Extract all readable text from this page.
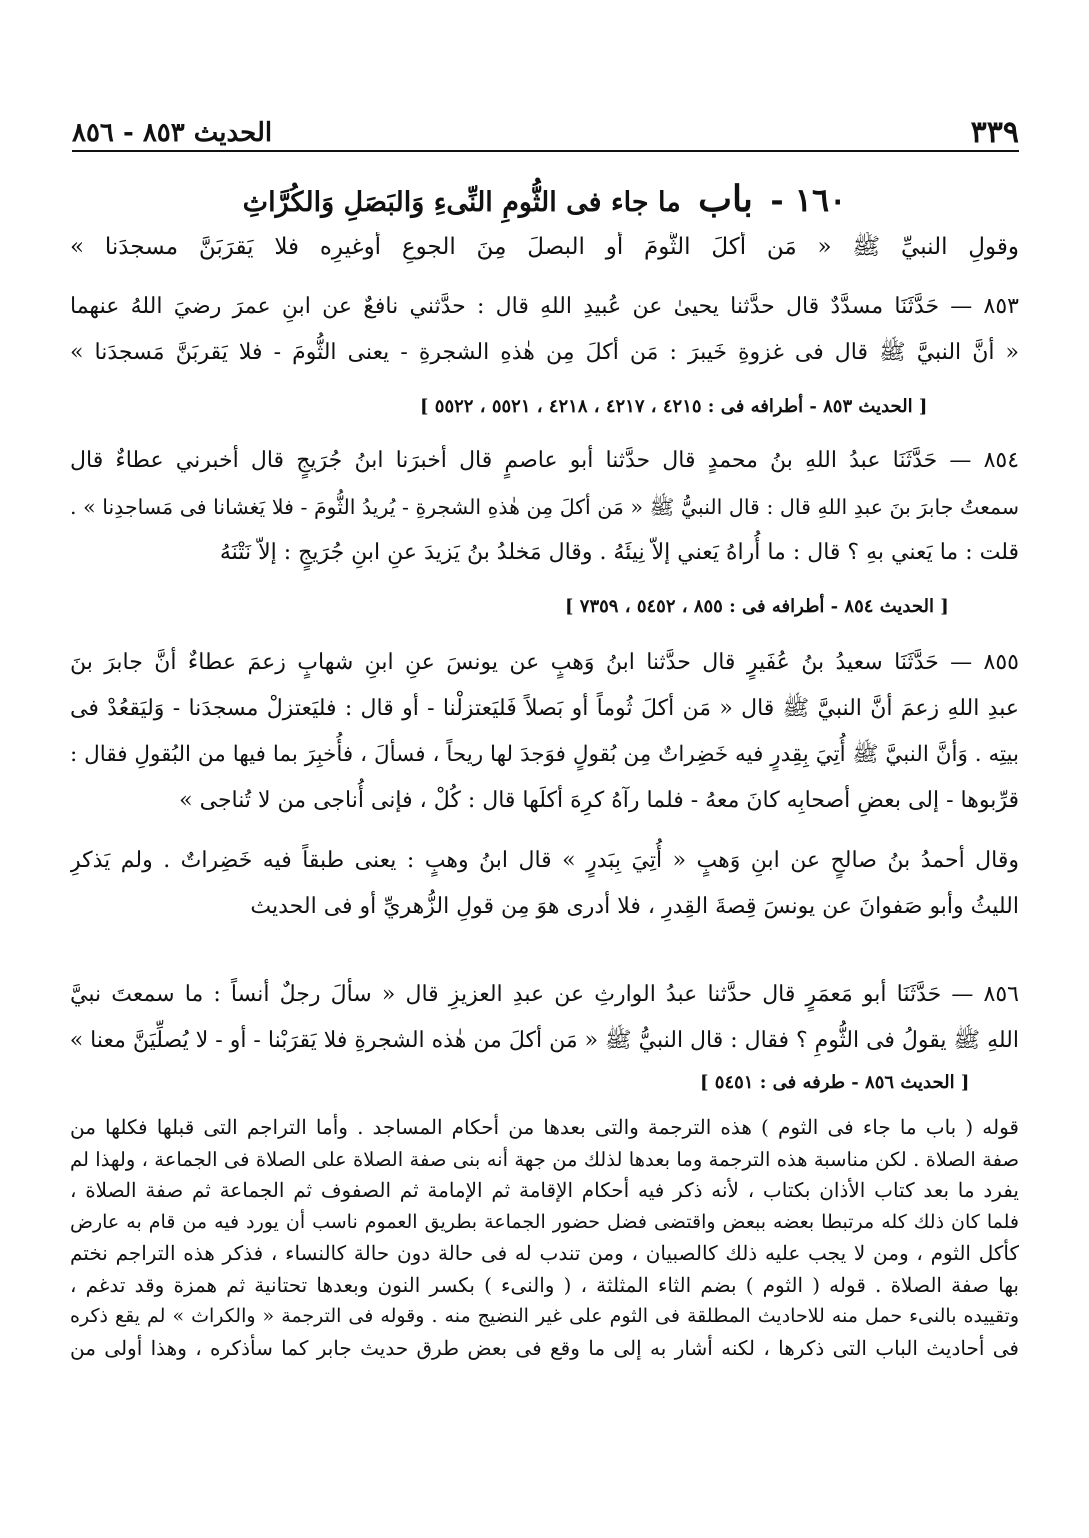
٣٣٩
الحديث ٨٥٣ - ٨٥٦
١٦٠ - باب ما جاء فى الثُّومِ النِّىءِ وَالبَصَلِ وَالكُرَّاثِ
وقولِ النبيِّ ﷺ « مَن أكلَ الثُّومَ أو البصلَ مِنَ الجوعِ أوغيرِه فلا يَقرَبَنَّ مسجدَنا »
٨٥٣ — حَدَّثَنَا مسدَّدٌ قال حدَّثنا يحيىٰ عن عُبيدِ اللهِ قال : حدَّثني نافعٌ عن ابنِ عمرَ رضيَ اللهُ عنهما
« أنَّ النبيَّ ﷺ قال فى غزوةِ خَيبرَ : مَن أكلَ مِن هٰذهِ الشجرةِ - يعنى الثُّومَ - فلا يَقربَنَّ مَسجدَنا »
[ الحديث ٨٥٣ - أطرافه فى : ٤٢١٥ ، ٤٢١٧ ، ٤٢١٨ ، ٥٥٢١ ، ٥٥٢٢ ]
٨٥٤ — حَدَّثَنَا عبدُ اللهِ بنُ محمدٍ قال حدَّثنا أبو عاصمٍ قال أخبرَنا ابنُ جُرَيجٍ قال أخبرني عطاءٌ قال
سمعتُ جابرَ بنَ عبدِ اللهِ قال : قال النبيُّ ﷺ « مَن أكلَ مِن هٰذهِ الشجرةِ - يُريدُ الثُّومَ - فلا يَغشانا فى مَساجدِنا » .
قلت : ما يَعني بهِ ؟ قال : ما أُراهُ يَعني إلاّ نِيئَهُ . وقال مَخلدُ بنُ يَزيدَ عنِ ابنِ جُرَيجٍ : إلاّ نَتْنَهُ
[ الحديث ٨٥٤ - أطرافه فى : ٨٥٥ ، ٥٤٥٢ ، ٧٣٥٩ ]
٨٥٥ — حَدَّثَنَا سعيدُ بنُ عُفَيرٍ قال حدَّثنا ابنُ وَهبٍ عن يونسَ عنِ ابنِ شهابٍ زعمَ عطاءٌ أنَّ جابرَ بنَ
عبدِ اللهِ زعمَ أنَّ النبيَّ ﷺ قال « مَن أكلَ ثُوماً أو بَصلاً فَليَعتزلْنا - أو قال : فليَعتزلْ مسجدَنا - وَليَقعُدْ فى
بيتِه . وَأنَّ النبيَّ ﷺ أُتِيَ بِقِدرٍ فيه خَضِراتٌ مِن بُقولٍ فوَجدَ لها ريحاً ، فسألَ ، فأُخبِرَ بما فيها من البُقولِ فقال :
قرِّبوها - إلى بعضِ أصحابِه كانَ معهُ - فلما رآهُ كرِهَ أكلَها قال : كُلْ ، فإنى أُناجى من لا تُناجى »
وقال أحمدُ بنُ صالحٍ عن ابنِ وَهبٍ « أُتِيَ بِبَدرٍ » قال ابنُ وهبٍ : يعنى طبقاً فيه خَضِراتٌ . ولم يَذكرِ
الليثُ وأبو صَفوانَ عن يونسَ قِصةَ القِدرِ ، فلا أدرى هوَ مِن قولِ الزُّهريِّ أو فى الحديث
٨٥٦ — حَدَّثَنَا أبو مَعمَرٍ قال حدَّثنا عبدُ الوارثِ عن عبدِ العزيزِ قال « سألَ رجلٌ أنساً : ما سمعتَ نبيَّ
اللهِ ﷺ يقولُ فى الثُّومِ ؟ فقال : قال النبيُّ ﷺ « مَن أكلَ من هٰذه الشجرةِ فلا يَقرَبْنا - أو - لا يُصلِّيَنَّ معنا »
[ الحديث ٨٥٦ - طرفه فى : ٥٤٥١ ]
قوله ( باب ما جاء فى الثوم ) هذه الترجمة والتى بعدها من أحكام المساجد . وأما التراجم التى قبلها فكلها من
صفة الصلاة . لكن مناسبة هذه الترجمة وما بعدها لذلك من جهة أنه بنى صفة الصلاة على الصلاة فى الجماعة ، ولهذا لم
يفرد ما بعد كتاب الأذان بكتاب ، لأنه ذكر فيه أحكام الإقامة ثم الإمامة ثم الصفوف ثم الجماعة ثم صفة الصلاة ،
فلما كان ذلك كله مرتبطا بعضه ببعض واقتضى فضل حضور الجماعة بطريق العموم ناسب أن يورد فيه من قام به عارض
كأكل الثوم ، ومن لا يجب عليه ذلك كالصبيان ، ومن تندب له فى حالة دون حالة كالنساء ، فذكر هذه التراجم نختم
بها صفة الصلاة . قوله ( الثوم ) بضم الثاء المثلثة ، ( والنىء ) بكسر النون وبعدها تحتانية ثم همزة وقد تدغم ،
وتقييده بالنىء حمل منه للاحاديث المطلقة فى الثوم على غير النضيج منه . وقوله فى الترجمة « والكراث » لم يقع ذكره
فى أحاديث الباب التى ذكرها ، لكنه أشار به إلى ما وقع فى بعض طرق حديث جابر كما سأذكره ، وهذا أولى من
